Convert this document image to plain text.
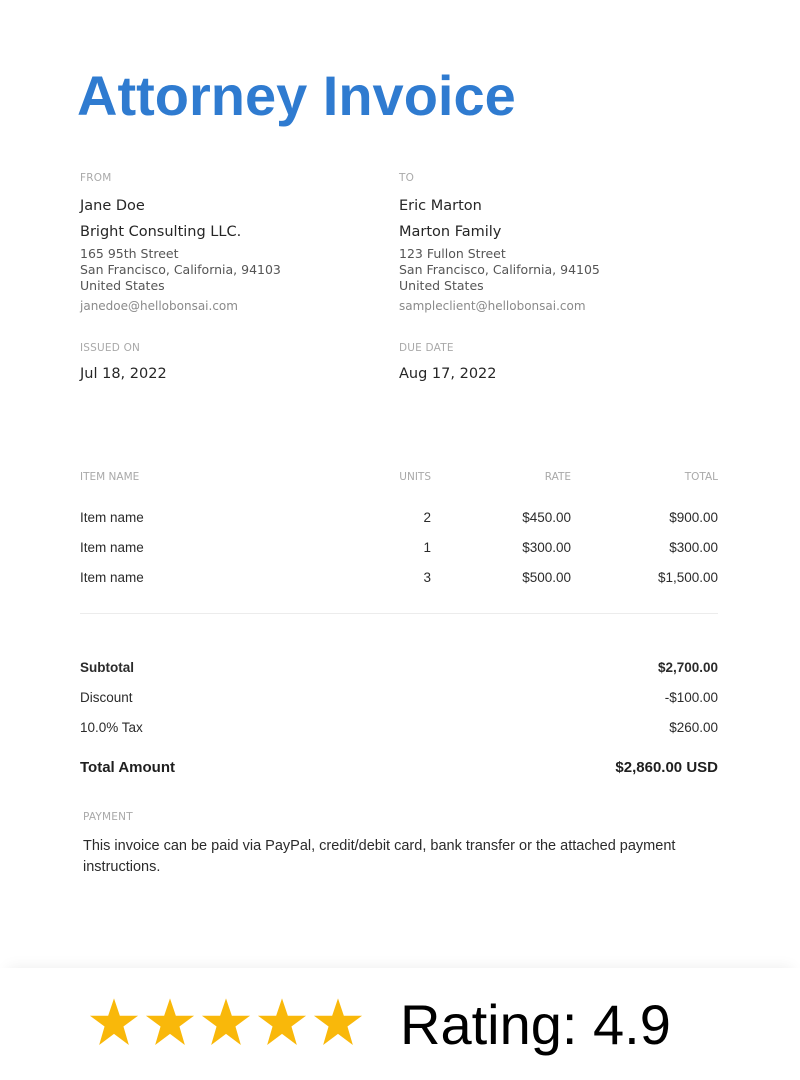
Attorney Invoice
FROM
Jane Doe
Bright Consulting LLC.
165 95th Street
San Francisco, California, 94103
United States
janedoe@hellobonsai.com
TO
Eric Marton
Marton Family
123 Fullon Street
San Francisco, California, 94105
United States
sampleclient@hellobonsai.com
ISSUED ON
Jul 18, 2022
DUE DATE
Aug 17, 2022
ITEM NAME	UNITS	RATE	TOTAL
Item name	2	$450.00	$900.00
Item name	1	$300.00	$300.00
Item name	3	$500.00	$1,500.00
Subtotal	$2,700.00
Discount	-$100.00
10.0% Tax	$260.00
Total Amount	$2,860.00 USD
PAYMENT
This invoice can be paid via PayPal, credit/debit card, bank transfer or the attached payment instructions.
Rating: 4.9
